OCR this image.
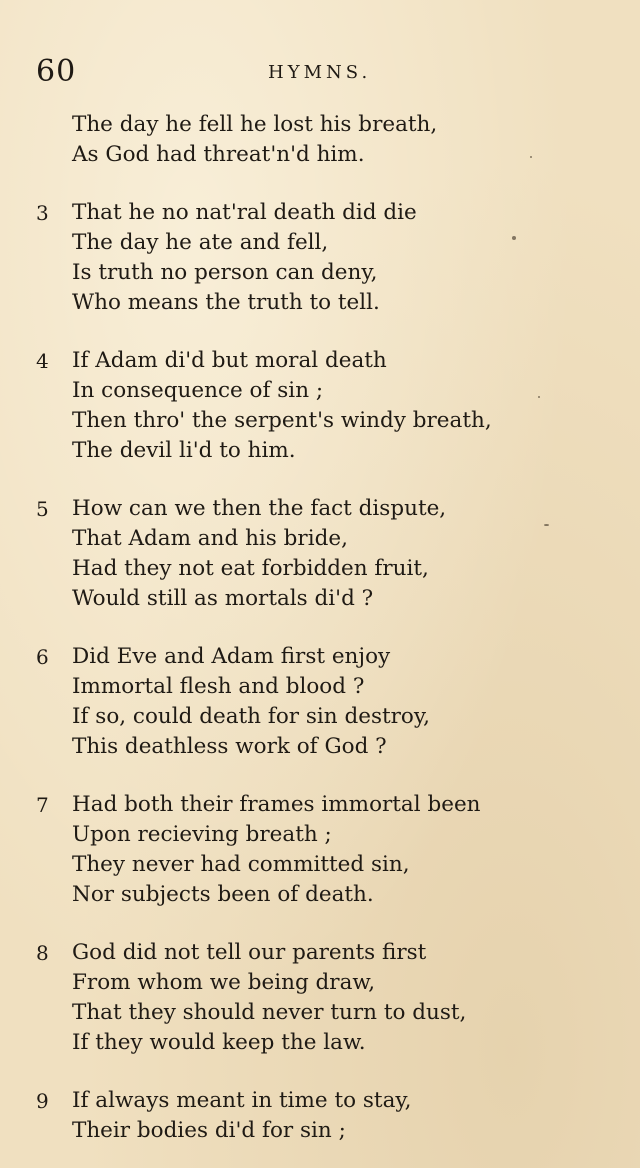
60	HYMNS.
The day he fell he lost his breath,
As God had threat'n'd him.
3	That he no nat'ral death did die
The day he ate and fell,
Is truth no person can deny,
Who means the truth to tell.
4	If Adam di'd but moral death
In consequence of sin ;
Then thro' the serpent's windy breath,
The devil li'd to him.
5	How can we then the fact dispute,
That Adam and his bride,
Had they not eat forbidden fruit,
Would still as mortals di'd ?
6	Did Eve and Adam first enjoy
Immortal flesh and blood ?
If so, could death for sin destroy,
This deathless work of God ?
7	Had both their frames immortal been
Upon recieving breath ;
They never had committed sin,
Nor subjects been of death.
8	God did not tell our parents first
From whom we being draw,
That they should never turn to dust,
If they would keep the law.
9	If always meant in time to stay,
Their bodies di'd for sin ;
